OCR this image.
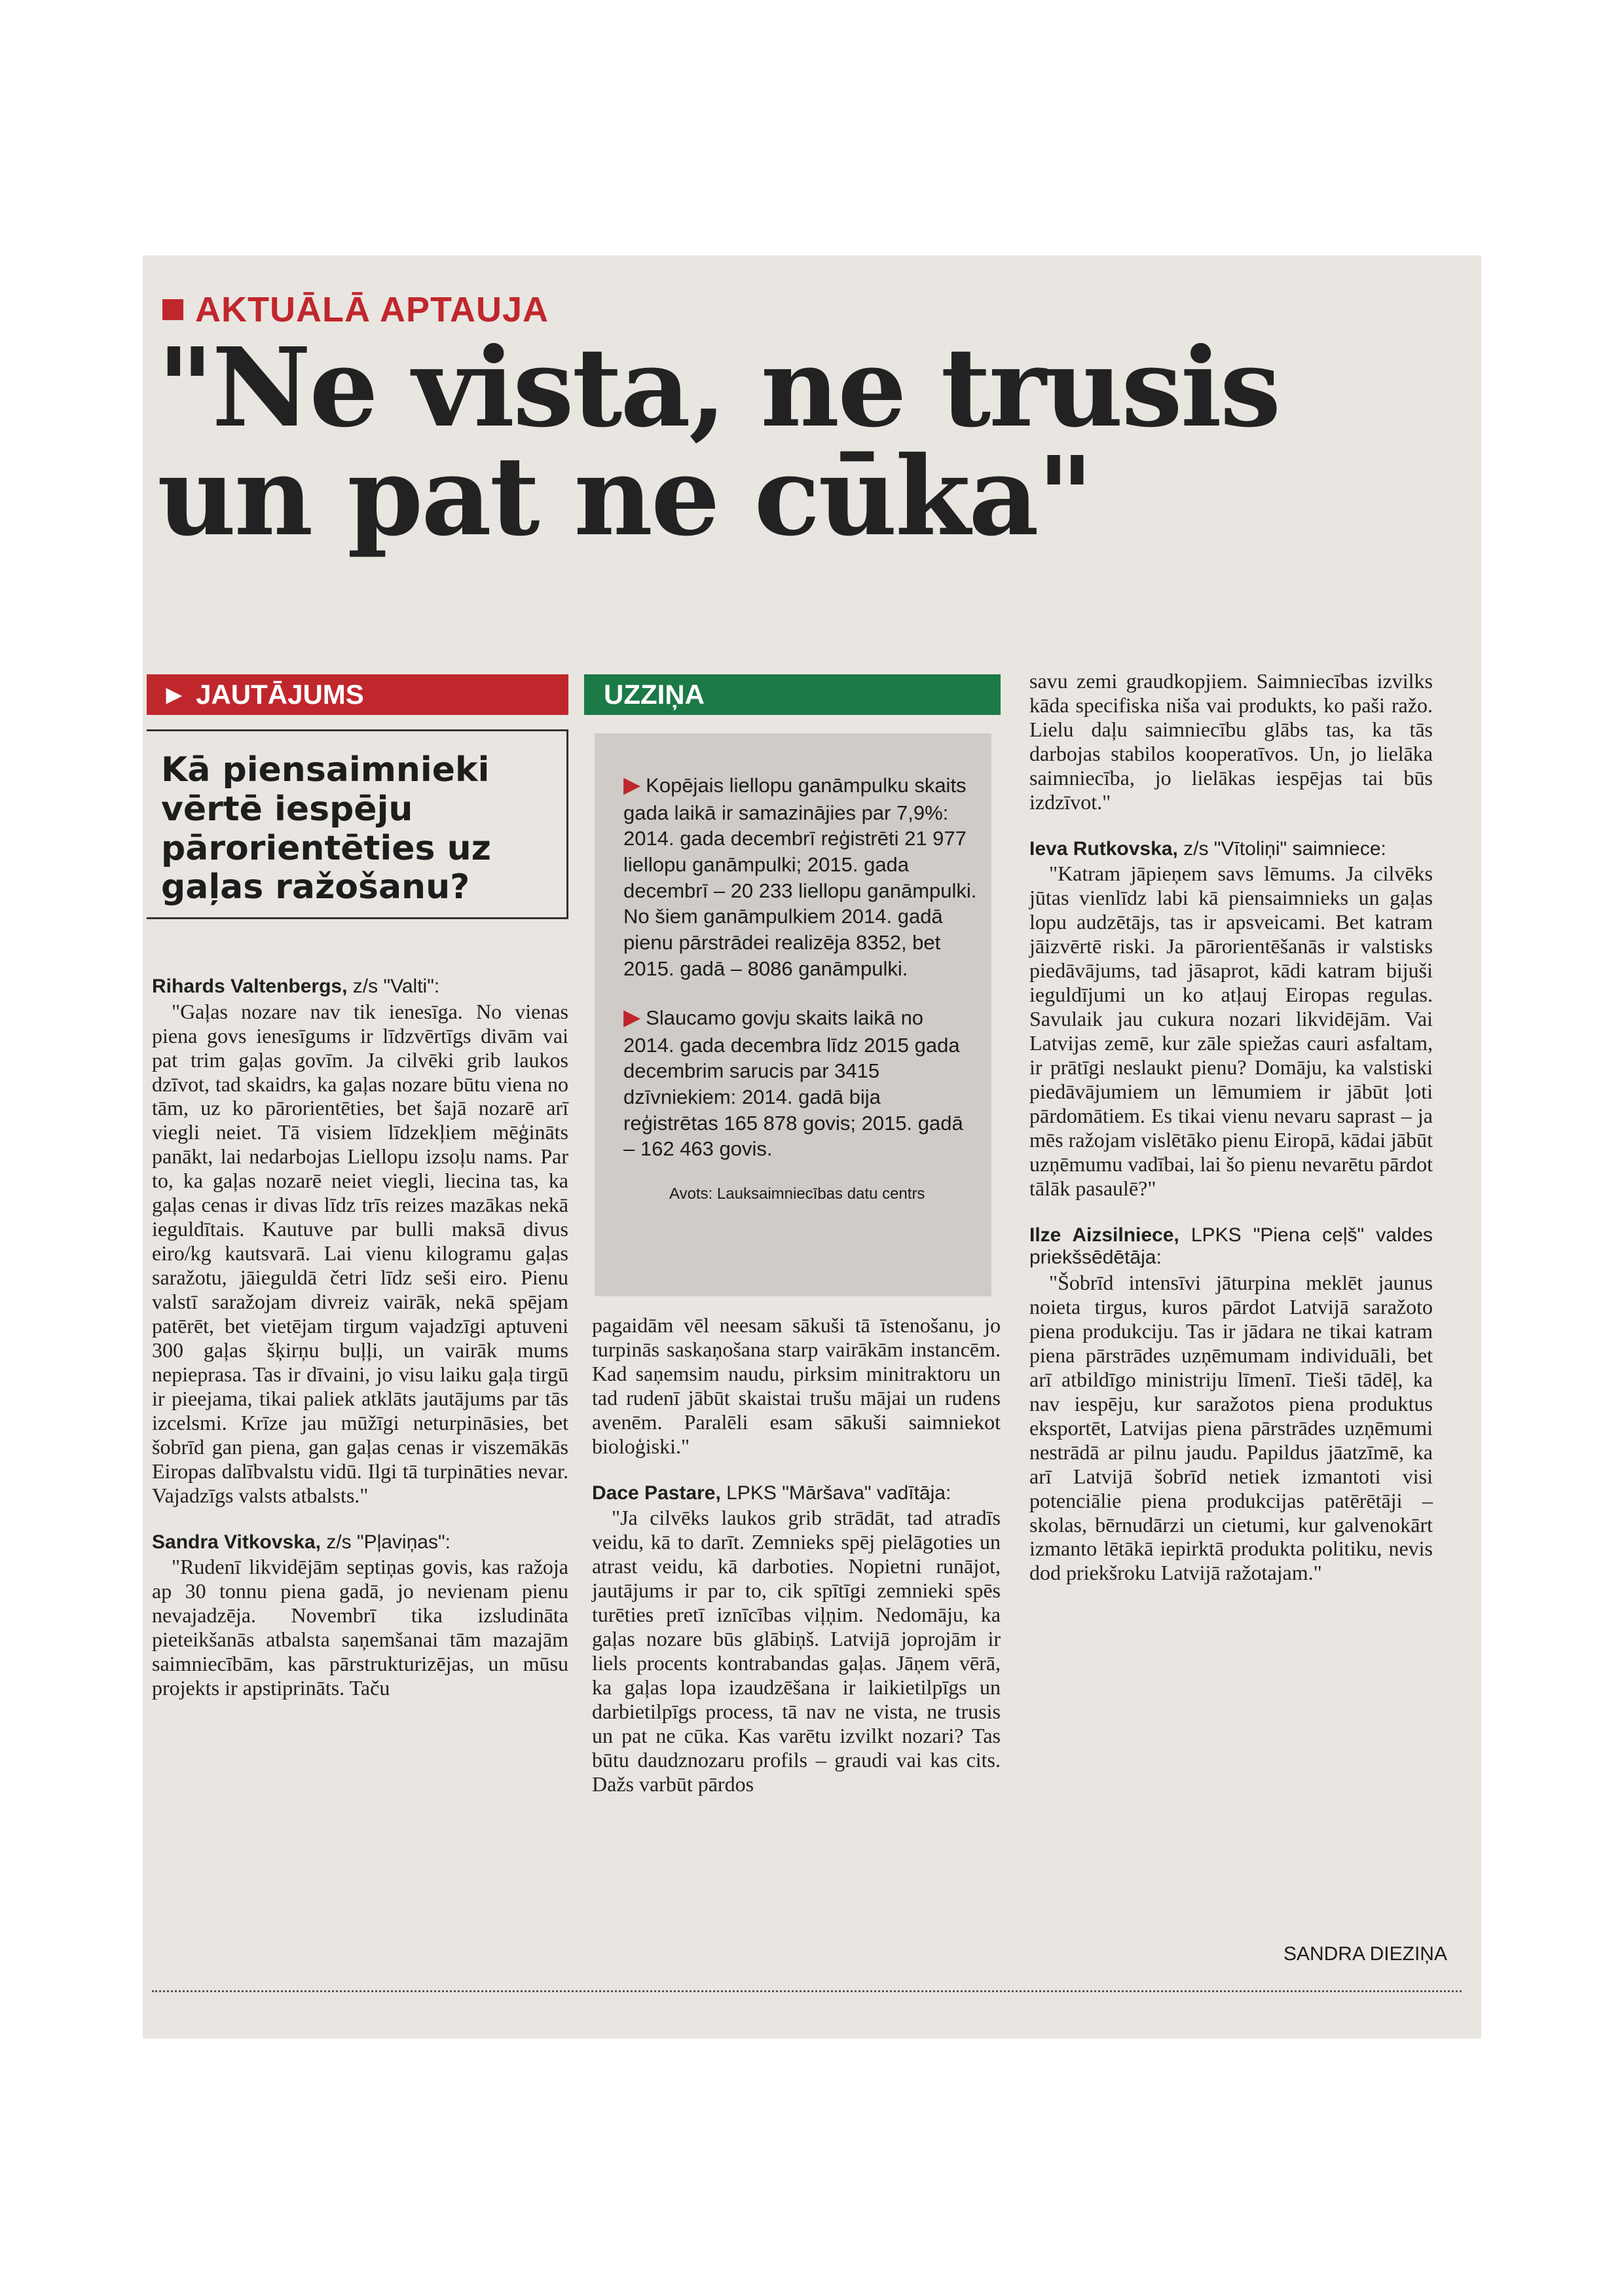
AKTUĀLĀ APTAUJA
"Ne vista, ne trusis un pat ne cūka"
▶ JAUTĀJUMS	UZZIŅA
Kā piensaimnieki vērtē iespēju pārorientēties uz gaļas ražošanu?

▶ Kopējais liellopu ganāmpulku skaits gada laikā ir samazinājies par 7,9%: 2014. gada decembrī reģistrēti 21 977 liellopu ganāmpulki; 2015. gada decembrī – 20 233 liellopu ganāmpulki. No šiem ganāmpulkiem 2014. gadā pienu pārstrādei realizēja 8352, bet 2015. gadā – 8086 ganāmpulki.

▶ Slaucamo govju skaits laikā no 2014. gada decembra līdz 2015 gada decembrim sarucis par 3415 dzīvniekiem: 2014. gadā bija reģistrētas 165 878 govis; 2015. gadā – 162 463 govis.

Avots: Lauksaimniecības datu centrs

Rihards Valtenbergs, z/s "Valti":

"Gaļas nozare nav tik ienesīga. No vienas piena govs ienesīgums ir līdzvērtīgs divām vai pat trim gaļas govīm. Ja cilvēki grib laukos dzīvot, tad skaidrs, ka gaļas nozare būtu viena no tām, uz ko pārorientēties, bet šajā nozarē arī viegli neiet. Tā visiem līdzekļiem mēģināts panākt, lai nedarbojas Liellopu izsoļu nams. Par to, ka gaļas nozarē neiet viegli, liecina tas, ka gaļas cenas ir divas līdz trīs reizes mazākas nekā ieguldītais. Kautuve par bulli maksā divus eiro/kg kautsvarā. Lai vienu kilogramu gaļas saražotu, jāieguldā četri līdz seši eiro. Pienu valstī saražojam divreiz vairāk, nekā spējam patērēt, bet vietējam tirgum vajadzīgi aptuveni 300 gaļas šķirņu buļļi, un vairāk mums nepieprasa. Tas ir dīvaini, jo visu laiku gaļa tirgū ir pieejama, tikai paliek atklāts jautājums par tās izcelsmi. Krīze jau mūžīgi neturpināsies, bet šobrīd gan piena, gan gaļas cenas ir viszemākās Eiropas dalībvalstu vidū. Ilgi tā turpināties nevar. Vajadzīgs valsts atbalsts."

Sandra Vitkovska, z/s "Pļaviņas":

"Rudenī likvidējām septiņas govis, kas ražoja ap 30 tonnu piena gadā, jo nevienam pienu nevajadzēja. Novembrī tika izsludināta pieteikšanās atbalsta saņemšanai tām mazajām saimniecībām, kas pārstrukturizējas, un mūsu projekts ir apstiprināts. Taču

pagaidām vēl neesam sākuši tā īstenošanu, jo turpinās saskaņošana starp vairākām instancēm. Kad saņemsim naudu, pirksim minitraktoru un tad rudenī jābūt skaistai trušu mājai un rudens avenēm. Paralēli esam sākuši saimniekot bioloģiski."

Dace Pastare, LPKS "Māršava" vadītāja:

"Ja cilvēks laukos grib strādāt, tad atradīs veidu, kā to darīt. Zemnieks spēj pielāgoties un atrast veidu, kā darboties. Nopietni runājot, jautājums ir par to, cik spītīgi zemnieki spēs turēties pretī iznīcības viļņim. Nedomāju, ka gaļas nozare būs glābiņš. Latvijā joprojām ir liels procents kontrabandas gaļas. Jāņem vērā, ka gaļas lopa izaudzēšana ir laikietilpīgs un darbietilpīgs process, tā nav ne vista, ne trusis un pat ne cūka. Kas varētu izvilkt nozari? Tas būtu daudznozaru profils – graudi vai kas cits. Dažs varbūt pārdos

savu zemi graudkopjiem. Saimniecības izvilks kāda specifiska niša vai produkts, ko paši ražo. Lielu daļu saimniecību glābs tas, ka tās darbojas stabilos kooperatīvos. Un, jo lielāka saimniecība, jo lielākas iespējas tai būs izdzīvot."

Ieva Rutkovska, z/s "Vītoliņi" saimniece:

"Katram jāpieņem savs lēmums. Ja cilvēks jūtas vienlīdz labi kā piensaimnieks un gaļas lopu audzētājs, tas ir apsveicami. Bet katram jāizvērtē riski. Ja pārorientēšanās ir valstisks piedāvājums, tad jāsaprot, kādi katram bijuši ieguldījumi un ko atļauj Eiropas regulas. Savulaik jau cukura nozari likvidējām. Vai Latvijas zemē, kur zāle spiežas cauri asfaltam, ir prātīgi neslaukt pienu? Domāju, ka valstiski piedāvājumiem un lēmumiem ir jābūt ļoti pārdomātiem. Es tikai vienu nevaru saprast – ja mēs ražojam vislētāko pienu Eiropā, kādai jābūt uzņēmumu vadībai, lai šo pienu nevarētu pārdot tālāk pasaulē?"

Ilze Aizsilniece, LPKS "Piena ceļš" valdes priekšsēdētāja:

"Šobrīd intensīvi jāturpina meklēt jaunus noieta tirgus, kuros pārdot Latvijā saražoto piena produkciju. Tas ir jādara ne tikai katram piena pārstrādes uzņēmumam individuāli, bet arī atbildīgo ministriju līmenī. Tieši tādēļ, ka nav iespēju, kur saražotos piena produktus eksportēt, Latvijas piena pārstrādes uzņēmumi nestrādā ar pilnu jaudu. Papildus jāatzīmē, ka arī Latvijā šobrīd netiek izmantoti visi potenciālie piena produkcijas patērētāji – skolas, bērnudārzi un cietumi, kur galvenokārt izmanto lētākā iepirktā produkta politiku, nevis dod priekšroku Latvijā ražotajam."

SANDRA DIEZIŅA
